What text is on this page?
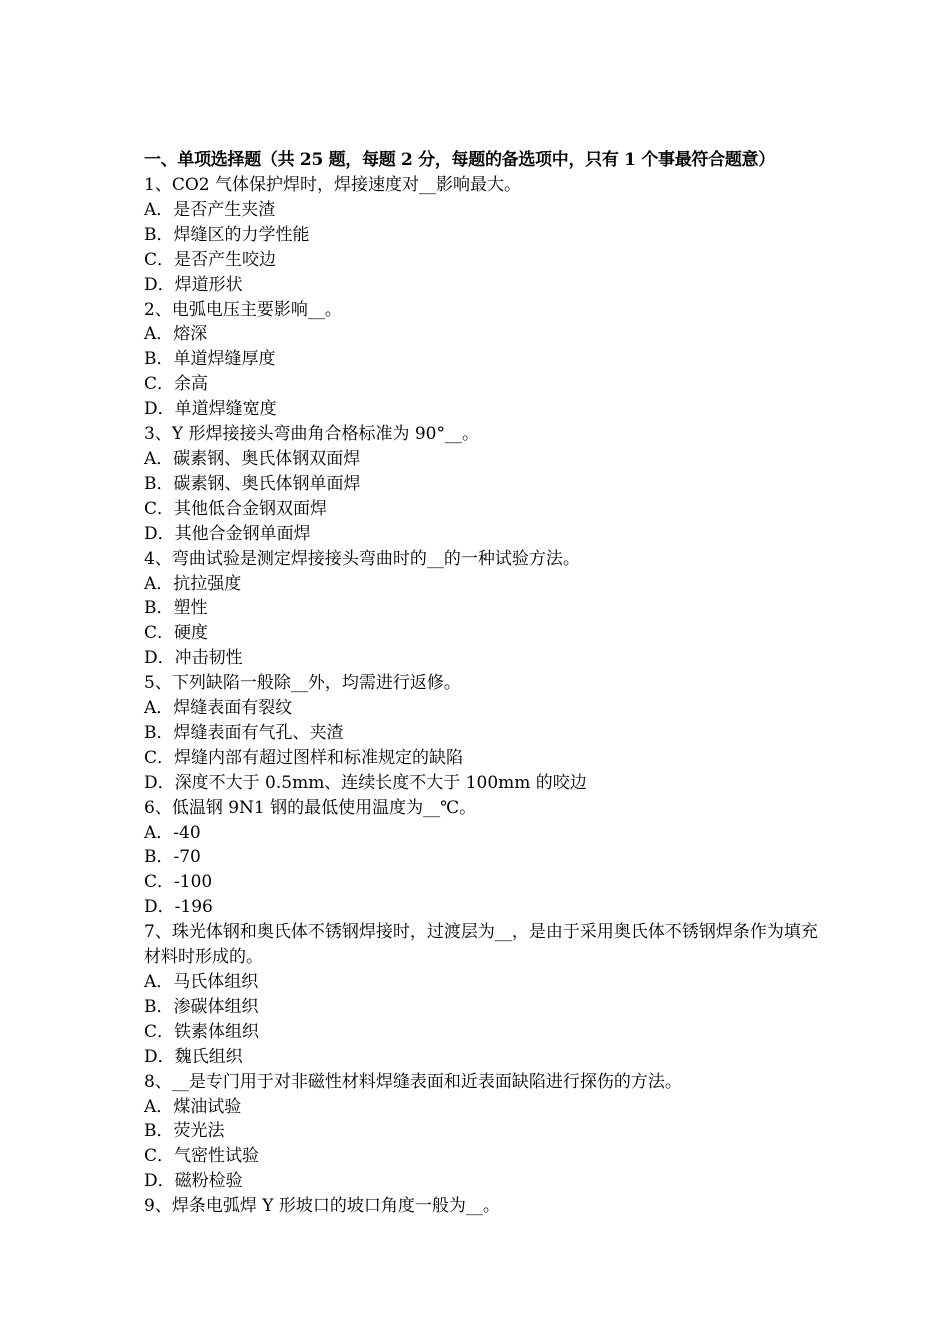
一、单项选择题（共 25 题，每题 2 分，每题的备选项中，只有 1 个事最符合题意）
1、CO2 气体保护焊时，焊接速度对__影响最大。
A．是否产生夹渣
B．焊缝区的力学性能
C．是否产生咬边
D．焊道形状
2、电弧电压主要影响__。
A．熔深
B．单道焊缝厚度
C．余高
D．单道焊缝宽度
3、Y 形焊接接头弯曲角合格标准为 90°__。
A．碳素钢、奥氏体钢双面焊
B．碳素钢、奥氏体钢单面焊
C．其他低合金钢双面焊
D．其他合金钢单面焊
4、弯曲试验是测定焊接接头弯曲时的__的一种试验方法。
A．抗拉强度
B．塑性
C．硬度
D．冲击韧性
5、下列缺陷一般除__外，均需进行返修。
A．焊缝表面有裂纹
B．焊缝表面有气孔、夹渣
C．焊缝内部有超过图样和标准规定的缺陷
D．深度不大于 0.5mm、连续长度不大于 100mm 的咬边
6、低温钢 9N1 钢的最低使用温度为__℃。
A．-40
B．-70
C．-100
D．-196
7、珠光体钢和奥氏体不锈钢焊接时，过渡层为__，是由于采用奥氏体不锈钢焊条作为填充材料时形成的。
A．马氏体组织
B．渗碳体组织
C．铁素体组织
D．魏氏组织
8、__是专门用于对非磁性材料焊缝表面和近表面缺陷进行探伤的方法。
A．煤油试验
B．荧光法
C．气密性试验
D．磁粉检验
9、焊条电弧焊 Y 形坡口的坡口角度一般为__。
